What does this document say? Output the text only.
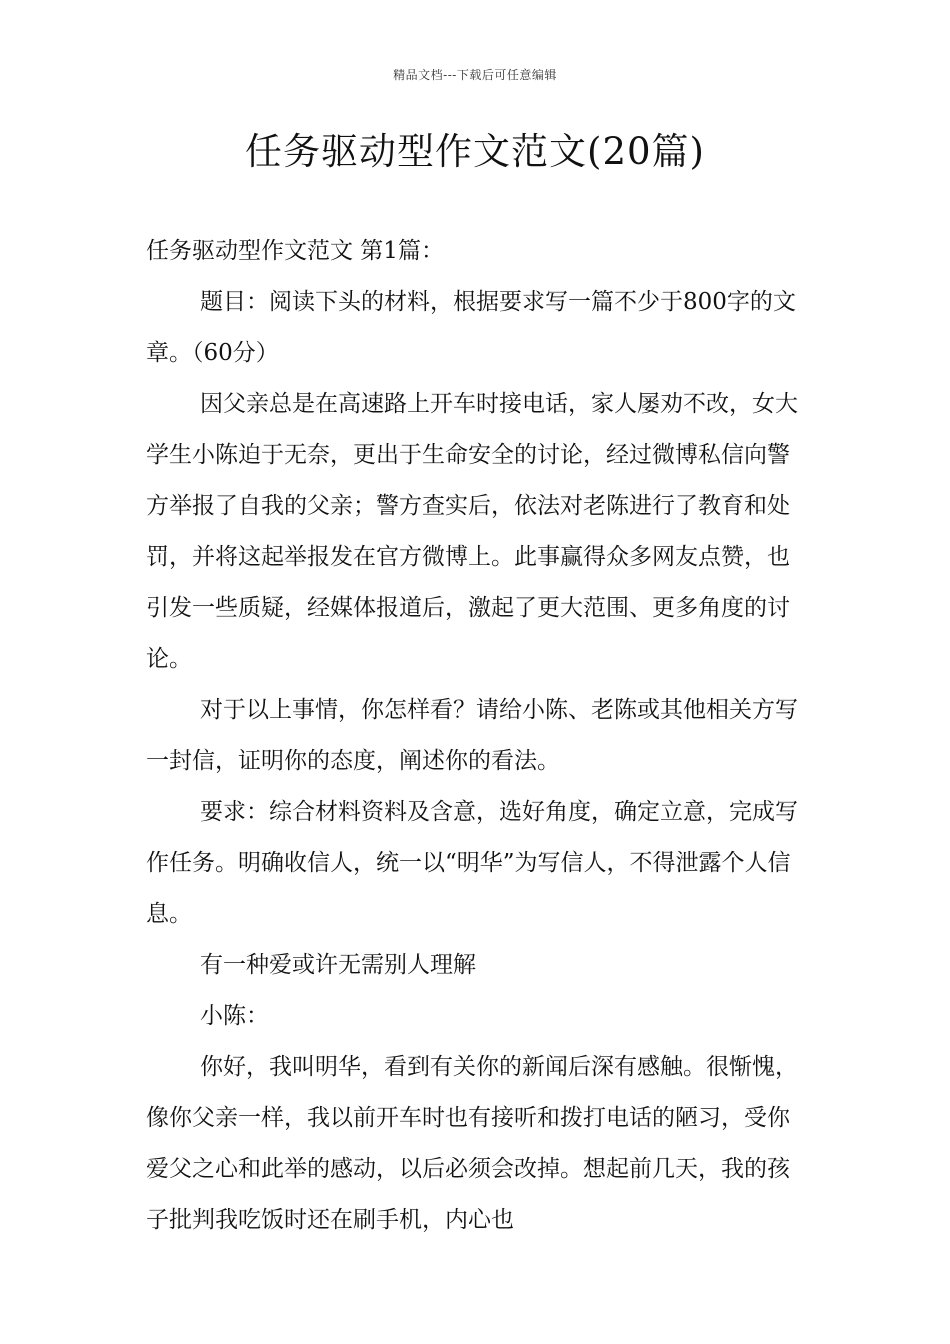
精品文档---下载后可任意编辑
任务驱动型作文范文(20篇)

任务驱动型作文范文 第1篇：

题目：阅读下头的材料，根据要求写一篇不少于800字的文章。（60分）

因父亲总是在高速路上开车时接电话，家人屡劝不改，女大学生小陈迫于无奈，更出于生命安全的讨论，经过微博私信向警方举报了自我的父亲；警方查实后，依法对老陈进行了教育和处罚，并将这起举报发在官方微博上。此事赢得众多网友点赞，也引发一些质疑，经媒体报道后，激起了更大范围、更多角度的讨论。

对于以上事情，你怎样看？请给小陈、老陈或其他相关方写一封信，证明你的态度，阐述你的看法。

要求：综合材料资料及含意，选好角度，确定立意，完成写作任务。明确收信人，统一以“明华”为写信人，不得泄露个人信息。

有一种爱或许无需别人理解

小陈：

你好，我叫明华，看到有关你的新闻后深有感触。很惭愧，像你父亲一样，我以前开车时也有接听和拨打电话的陋习，受你爱父之心和此举的感动，以后必须会改掉。想起前几天，我的孩子批判我吃饭时还在刷手机，内心也
